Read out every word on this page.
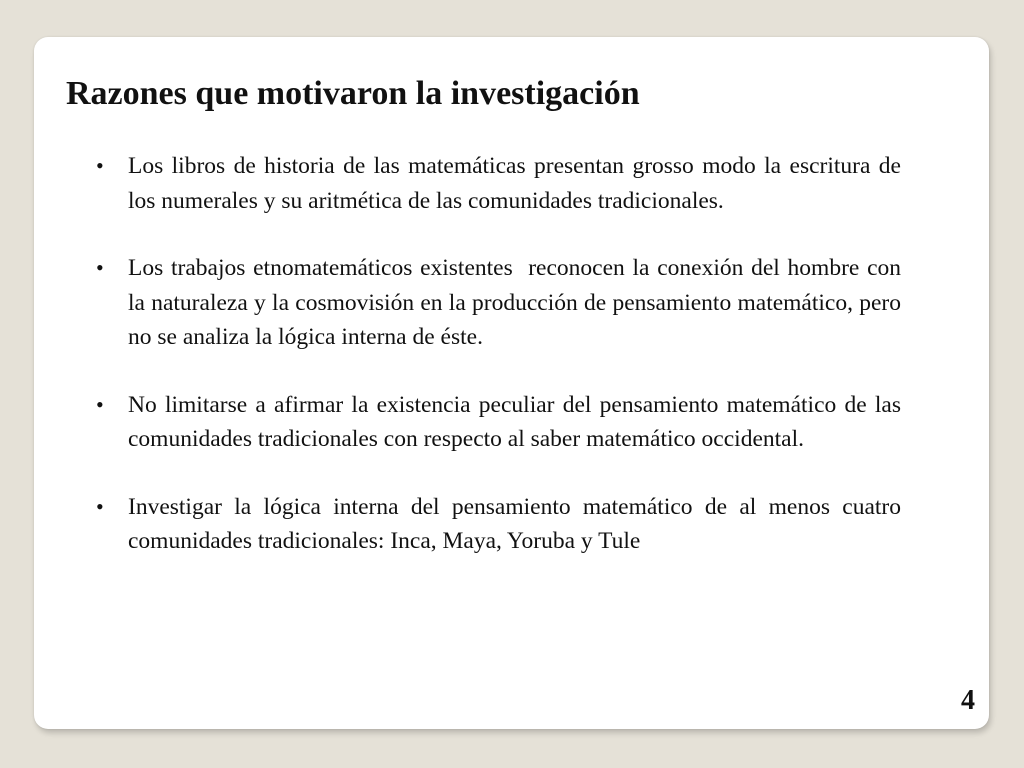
Razones que motivaron la investigación
•	Los libros de historia de las matemáticas presentan grosso modo la escritura de los numerales y su aritmética de las comunidades tradicionales.
•	Los trabajos etnomatemáticos existentes  reconocen la conexión del hombre con la naturaleza y la cosmovisión en la producción de pensamiento matemático, pero no se analiza la lógica interna de éste.
•	No limitarse a afirmar la existencia peculiar del pensamiento matemático de las comunidades tradicionales con respecto al saber matemático occidental.
•	Investigar la lógica interna del pensamiento matemático de al menos cuatro comunidades tradicionales: Inca, Maya, Yoruba y Tule
4
